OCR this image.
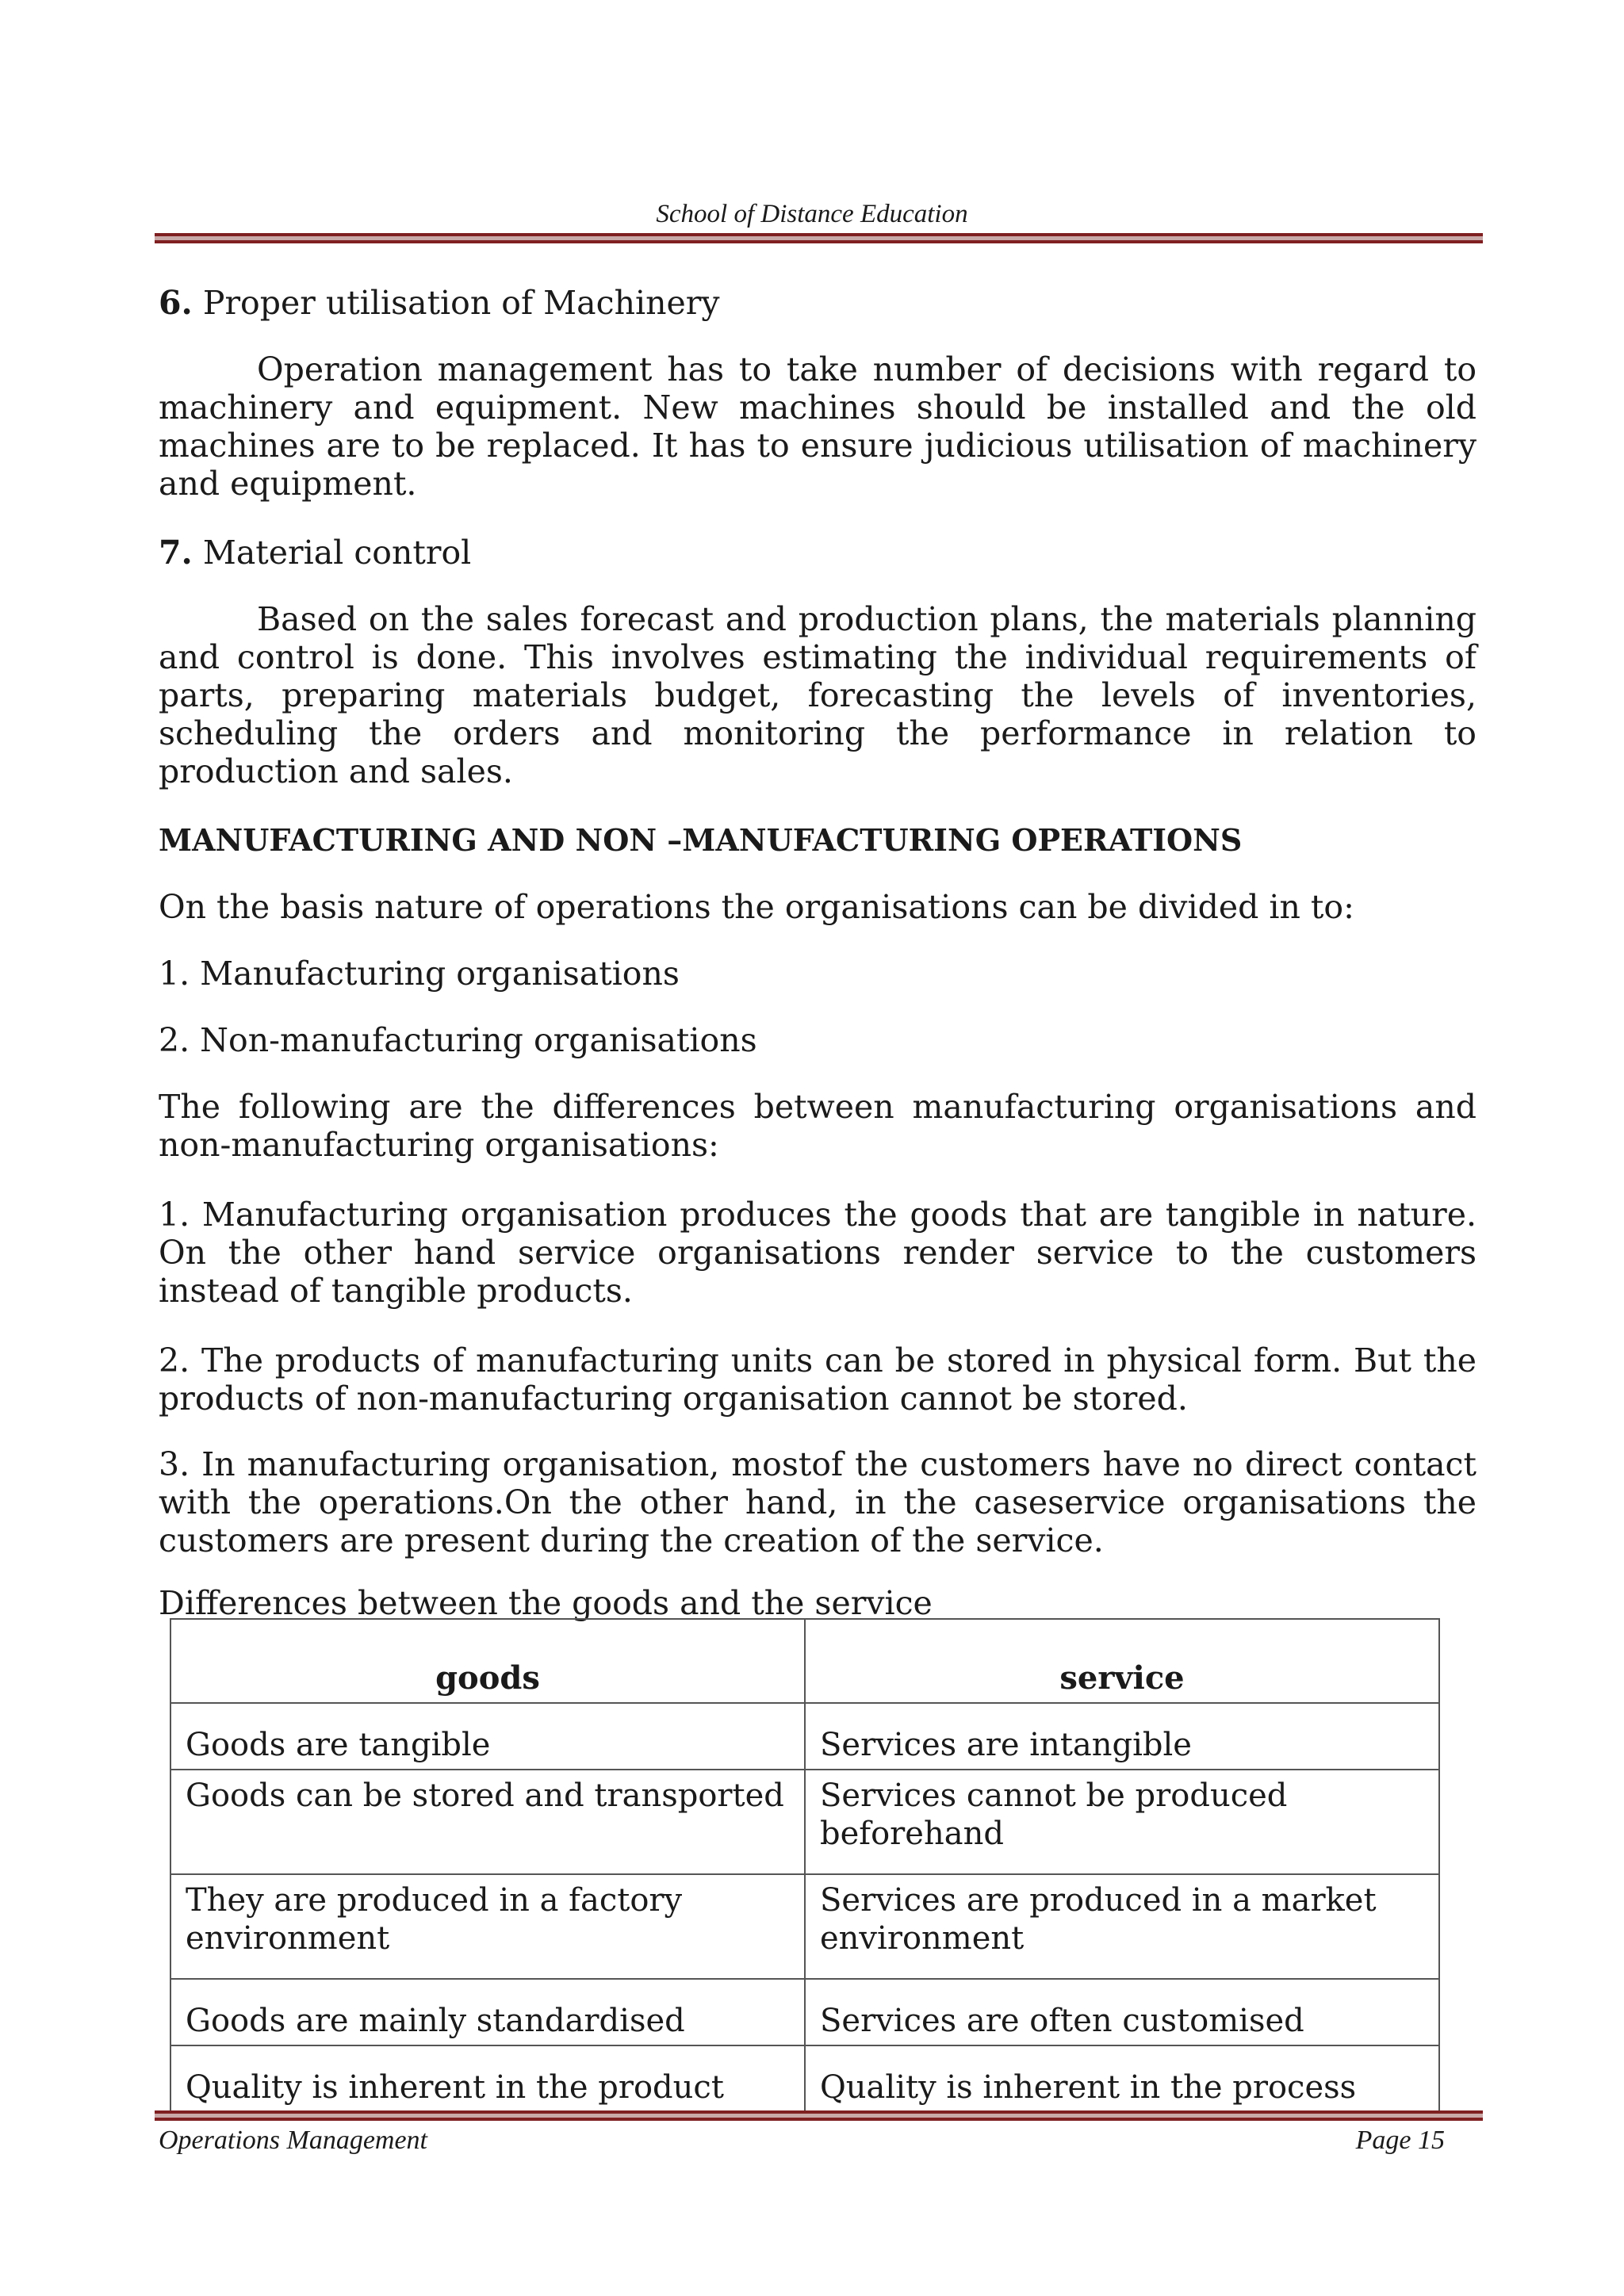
School of Distance Education

6. Proper utilisation of Machinery

Operation management has to take number of decisions with regard to machinery and equipment. New machines should be installed and the old machines are to be replaced. It has to ensure judicious utilisation of machinery and equipment.

7. Material control

Based on the sales forecast and production plans, the materials planning and control is done. This involves estimating the individual requirements of parts, preparing materials budget, forecasting the levels of inventories, scheduling the orders and monitoring the performance in relation to production and sales.

MANUFACTURING AND NON –MANUFACTURING OPERATIONS

On the basis nature of operations the organisations can be divided in to:

1. Manufacturing organisations

2. Non-manufacturing organisations

The following are the differences between manufacturing organisations and non-manufacturing organisations:

1. Manufacturing organisation produces the goods that are tangible in nature. On the other hand service organisations render service to the customers instead of tangible products.

2. The products of manufacturing units can be stored in physical form. But the products of non-manufacturing organisation cannot be stored.

3. In manufacturing organisation, mostof the customers have no direct contact with the operations.On the other hand, in the caseservice organisations the customers are present during the creation of the service.

Differences between the goods and the service

goods	service
Goods are tangible	Services are intangible
Goods can be stored and transported	Services cannot be produced beforehand
They are produced in a factory environment	Services are produced in a market environment
Goods are mainly standardised	Services are often customised
Quality is inherent in the product	Quality is inherent in the process
Operations Management	Page 15
